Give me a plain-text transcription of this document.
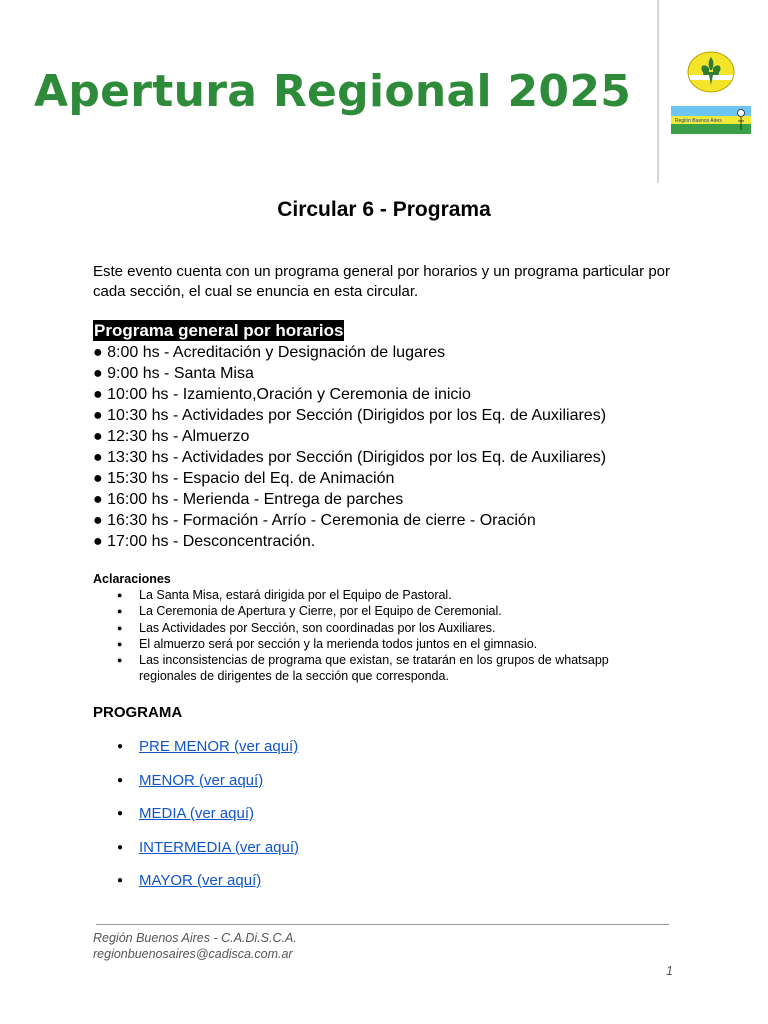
Apertura Regional 2025
Región Buenos Aires
Circular 6 - Programa

Este evento cuenta con un programa general por horarios y un programa particular por cada sección, el cual se enuncia en esta circular.

Programa general por horarios
● 8:00 hs - Acreditación y Designación de lugares
● 9:00 hs - Santa Misa
● 10:00 hs - Izamiento,Oración y Ceremonia de inicio
● 10:30 hs - Actividades por Sección (Dirigidos por los Eq. de Auxiliares)
● 12:30 hs - Almuerzo
● 13:30 hs - Actividades por Sección (Dirigidos por los Eq. de Auxiliares)
● 15:30 hs - Espacio del Eq. de Animación
● 16:00 hs - Merienda - Entrega de parches
● 16:30 hs - Formación - Arrío - Ceremonia de cierre - Oración
● 17:00 hs - Desconcentración.
Aclaraciones
● La Santa Misa, estará dirigida por el Equipo de Pastoral.
● La Ceremonia de Apertura y Cierre, por el Equipo de Ceremonial.
● Las Actividades por Sección, son coordinadas por los Auxiliares.
● El almuerzo será por sección y la merienda todos juntos en el gimnasio.
● Las inconsistencias de programa que existan, se tratarán en los grupos de whatsapp regionales de dirigentes de la sección que corresponda.
PROGRAMA
● PRE MENOR (ver aquí)
● MENOR (ver aquí)
● MEDIA (ver aquí)
● INTERMEDIA (ver aquí)
● MAYOR (ver aquí)

Región Buenos Aires - C.A.Di.S.C.A.

regionbuenosaires@cadisca.com.ar

1
